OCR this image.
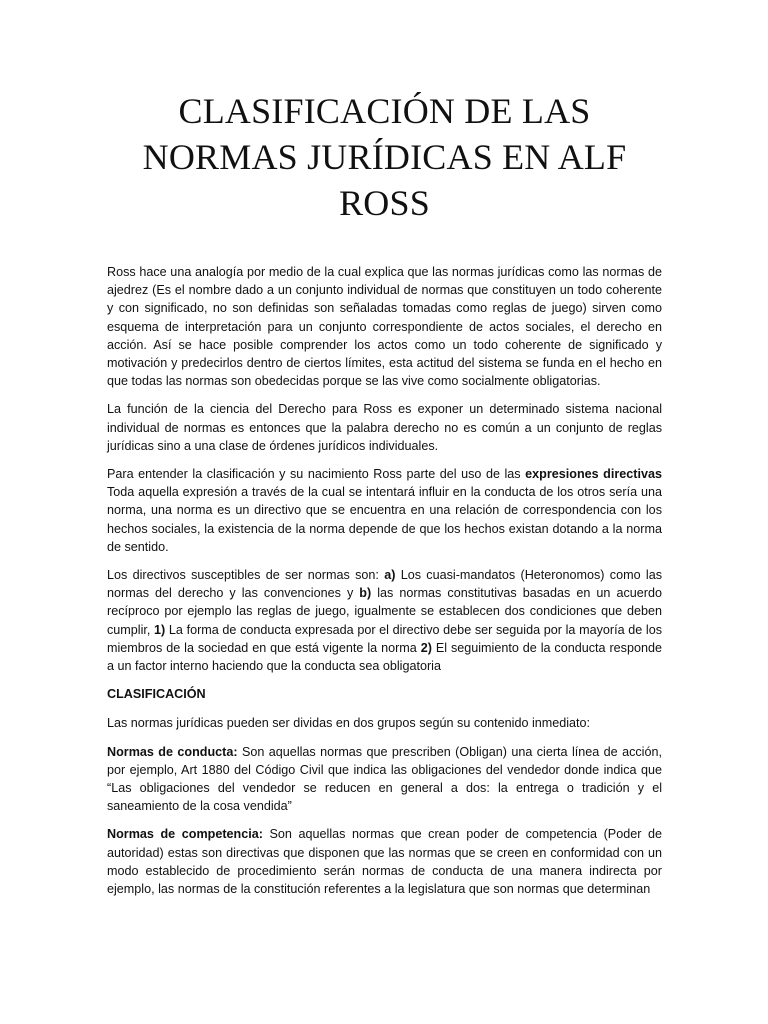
CLASIFICACIÓN DE LAS NORMAS JURÍDICAS EN ALF ROSS

Ross hace una analogía por medio de la cual explica que las normas jurídicas como las normas de ajedrez (Es el nombre dado a un conjunto individual de normas que constituyen un todo coherente y con significado, no son definidas son señaladas tomadas como reglas de juego) sirven como esquema de interpretación para un conjunto correspondiente de actos sociales, el derecho en acción. Así se hace posible comprender los actos como un todo coherente de significado y motivación y predecirlos dentro de ciertos límites, esta actitud del sistema se funda en el hecho en que todas las normas son obedecidas porque se las vive como socialmente obligatorias.

La función de la ciencia del Derecho para Ross es exponer un determinado sistema nacional individual de normas es entonces que la palabra derecho no es común a un conjunto de reglas jurídicas sino a una clase de órdenes jurídicos individuales.

Para entender la clasificación y su nacimiento Ross parte del uso de las expresiones directivas Toda aquella expresión a través de la cual se intentará influir en la conducta de los otros sería una norma, una norma es un directivo que se encuentra en una relación de correspondencia con los hechos sociales, la existencia de la norma depende de que los hechos existan dotando a la norma de sentido.

Los directivos susceptibles de ser normas son: a) Los cuasi-mandatos (Heteronomos) como las normas del derecho y las convenciones y b) las normas constitutivas basadas en un acuerdo recíproco por ejemplo las reglas de juego, igualmente se establecen dos condiciones que deben cumplir, 1) La forma de conducta expresada por el directivo debe ser seguida por la mayoría de los miembros de la sociedad en que está vigente la norma 2) El seguimiento de la conducta responde a un factor interno haciendo que la conducta sea obligatoria

CLASIFICACIÓN

Las normas jurídicas pueden ser dividas en dos grupos según su contenido inmediato:

Normas de conducta: Son aquellas normas que prescriben (Obligan) una cierta línea de acción, por ejemplo, Art 1880 del Código Civil que indica las obligaciones del vendedor donde indica que “Las obligaciones del vendedor se reducen en general a dos: la entrega o tradición y el saneamiento de la cosa vendida”

Normas de competencia: Son aquellas normas que crean poder de competencia (Poder de autoridad) estas son directivas que disponen que las normas que se creen en conformidad con un modo establecido de procedimiento serán normas de conducta de una manera indirecta por ejemplo, las normas de la constitución referentes a la legislatura que son normas que determinan
